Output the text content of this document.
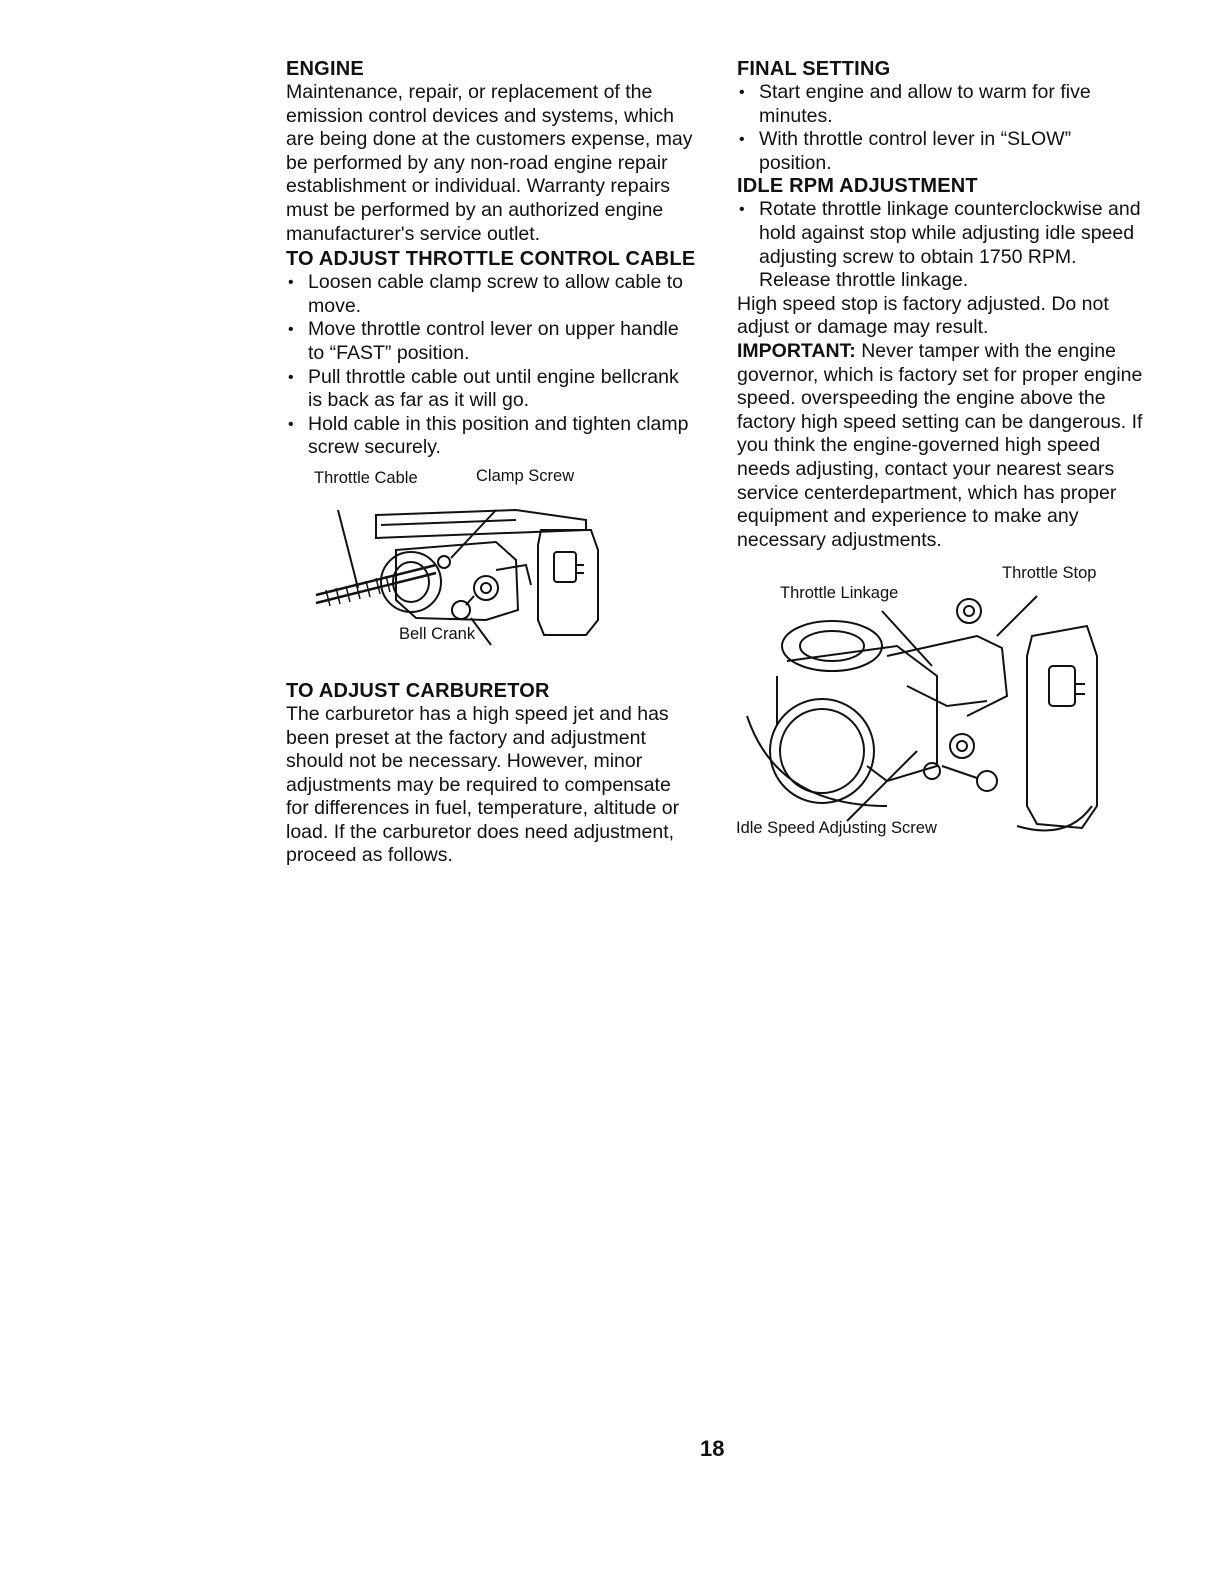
ENGINE

Maintenance, repair, or replacement of the emission control devices and systems, which are being done at the customers expense, may be performed by any non-road engine repair establishment or individual. Warranty repairs must be performed by an authorized engine manufacturer's service outlet.

TO ADJUST THROTTLE CONTROL CABLE
• Loosen cable clamp screw to allow cable to move.
• Move throttle control lever on upper handle to “FAST” position.
• Pull throttle cable out until engine bellcrank is back as far as it will go.
• Hold cable in this position and tighten clamp screw securely.
Throttle Cable	Clamp Screw
Bell Crank
TO ADJUST CARBURETOR

The carburetor has a high speed jet and has been preset at the factory and adjustment should not be necessary. However, minor adjustments may be required to compensate for differences in fuel, temperature, altitude or load. If the carburetor does need adjustment, proceed as follows.

FINAL SETTING
• Start engine and allow to warm for five minutes.
• With throttle control lever in “SLOW” position.
IDLE RPM ADJUSTMENT
• Rotate throttle linkage counterclockwise and hold against stop while adjusting idle speed adjusting screw to obtain 1750 RPM. Release throttle linkage.

High speed stop is factory adjusted. Do not adjust or damage may result.

IMPORTANT: Never tamper with the engine governor, which is factory set for proper engine speed. overspeeding the engine above the factory high speed setting can be dangerous. If you think the engine-governed high speed needs adjusting, contact your nearest sears service centerdepartment, which has proper equipment and experience to make any necessary adjustments.

Throttle Linkage
Throttle Stop
Idle Speed Adjusting Screw
18
